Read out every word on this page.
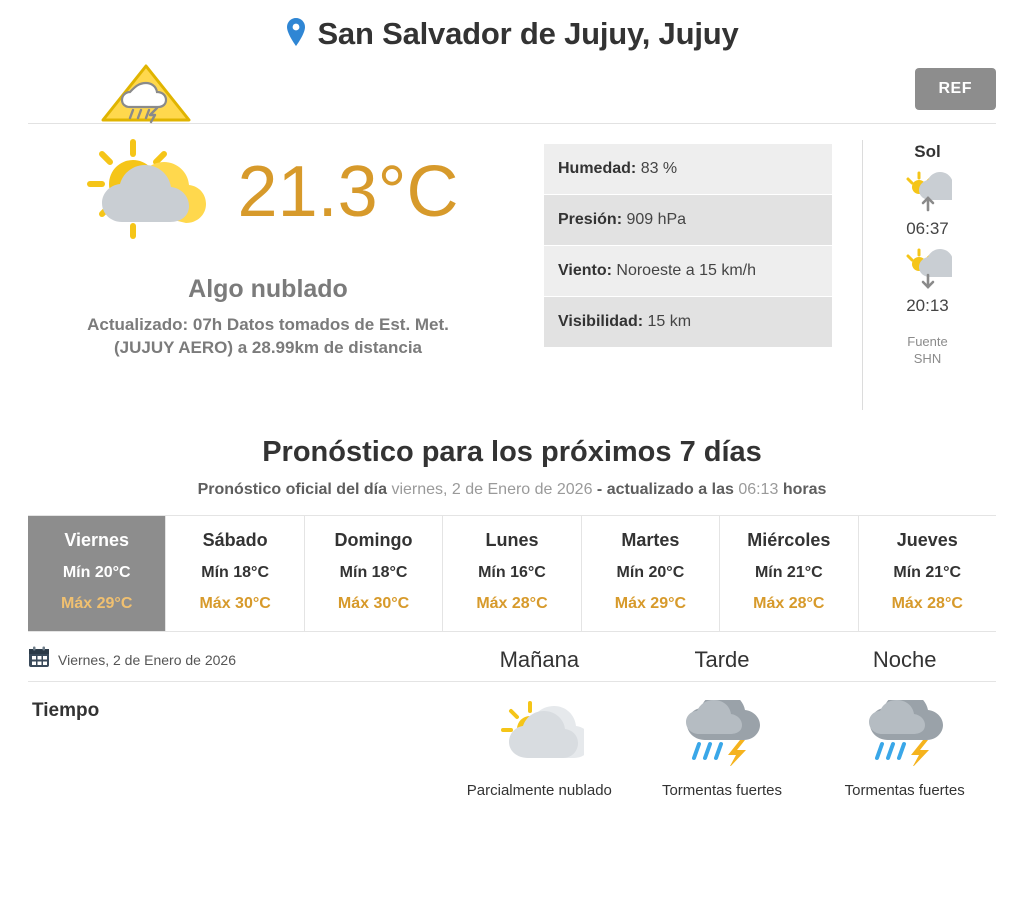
San Salvador de Jujuy, Jujuy
REF
21.3°C
Algo nublado
Actualizado: 07h Datos tomados de Est. Met. (JUJUY AERO) a 28.99km de distancia
Humedad: 83 %
Presión: 909 hPa
Viento: Noroeste a 15 km/h
Visibilidad: 15 km
Sol
06:37
20:13
Fuente
SHN
Pronóstico para los próximos 7 días
Pronóstico oficial del día viernes, 2 de Enero de 2026 - actualizado a las 06:13 horas
Viernes
Mín 20°C
Máx 29°C
Sábado
Mín 18°C
Máx 30°C
Domingo
Mín 18°C
Máx 30°C
Lunes
Mín 16°C
Máx 28°C
Martes
Mín 20°C
Máx 29°C
Miércoles
Mín 21°C
Máx 28°C
Jueves
Mín 21°C
Máx 28°C
Viernes, 2 de Enero de 2026	Mañana	Tarde	Noche
Tiempo
Parcialmente nublado	Tormentas fuertes	Tormentas fuertes
